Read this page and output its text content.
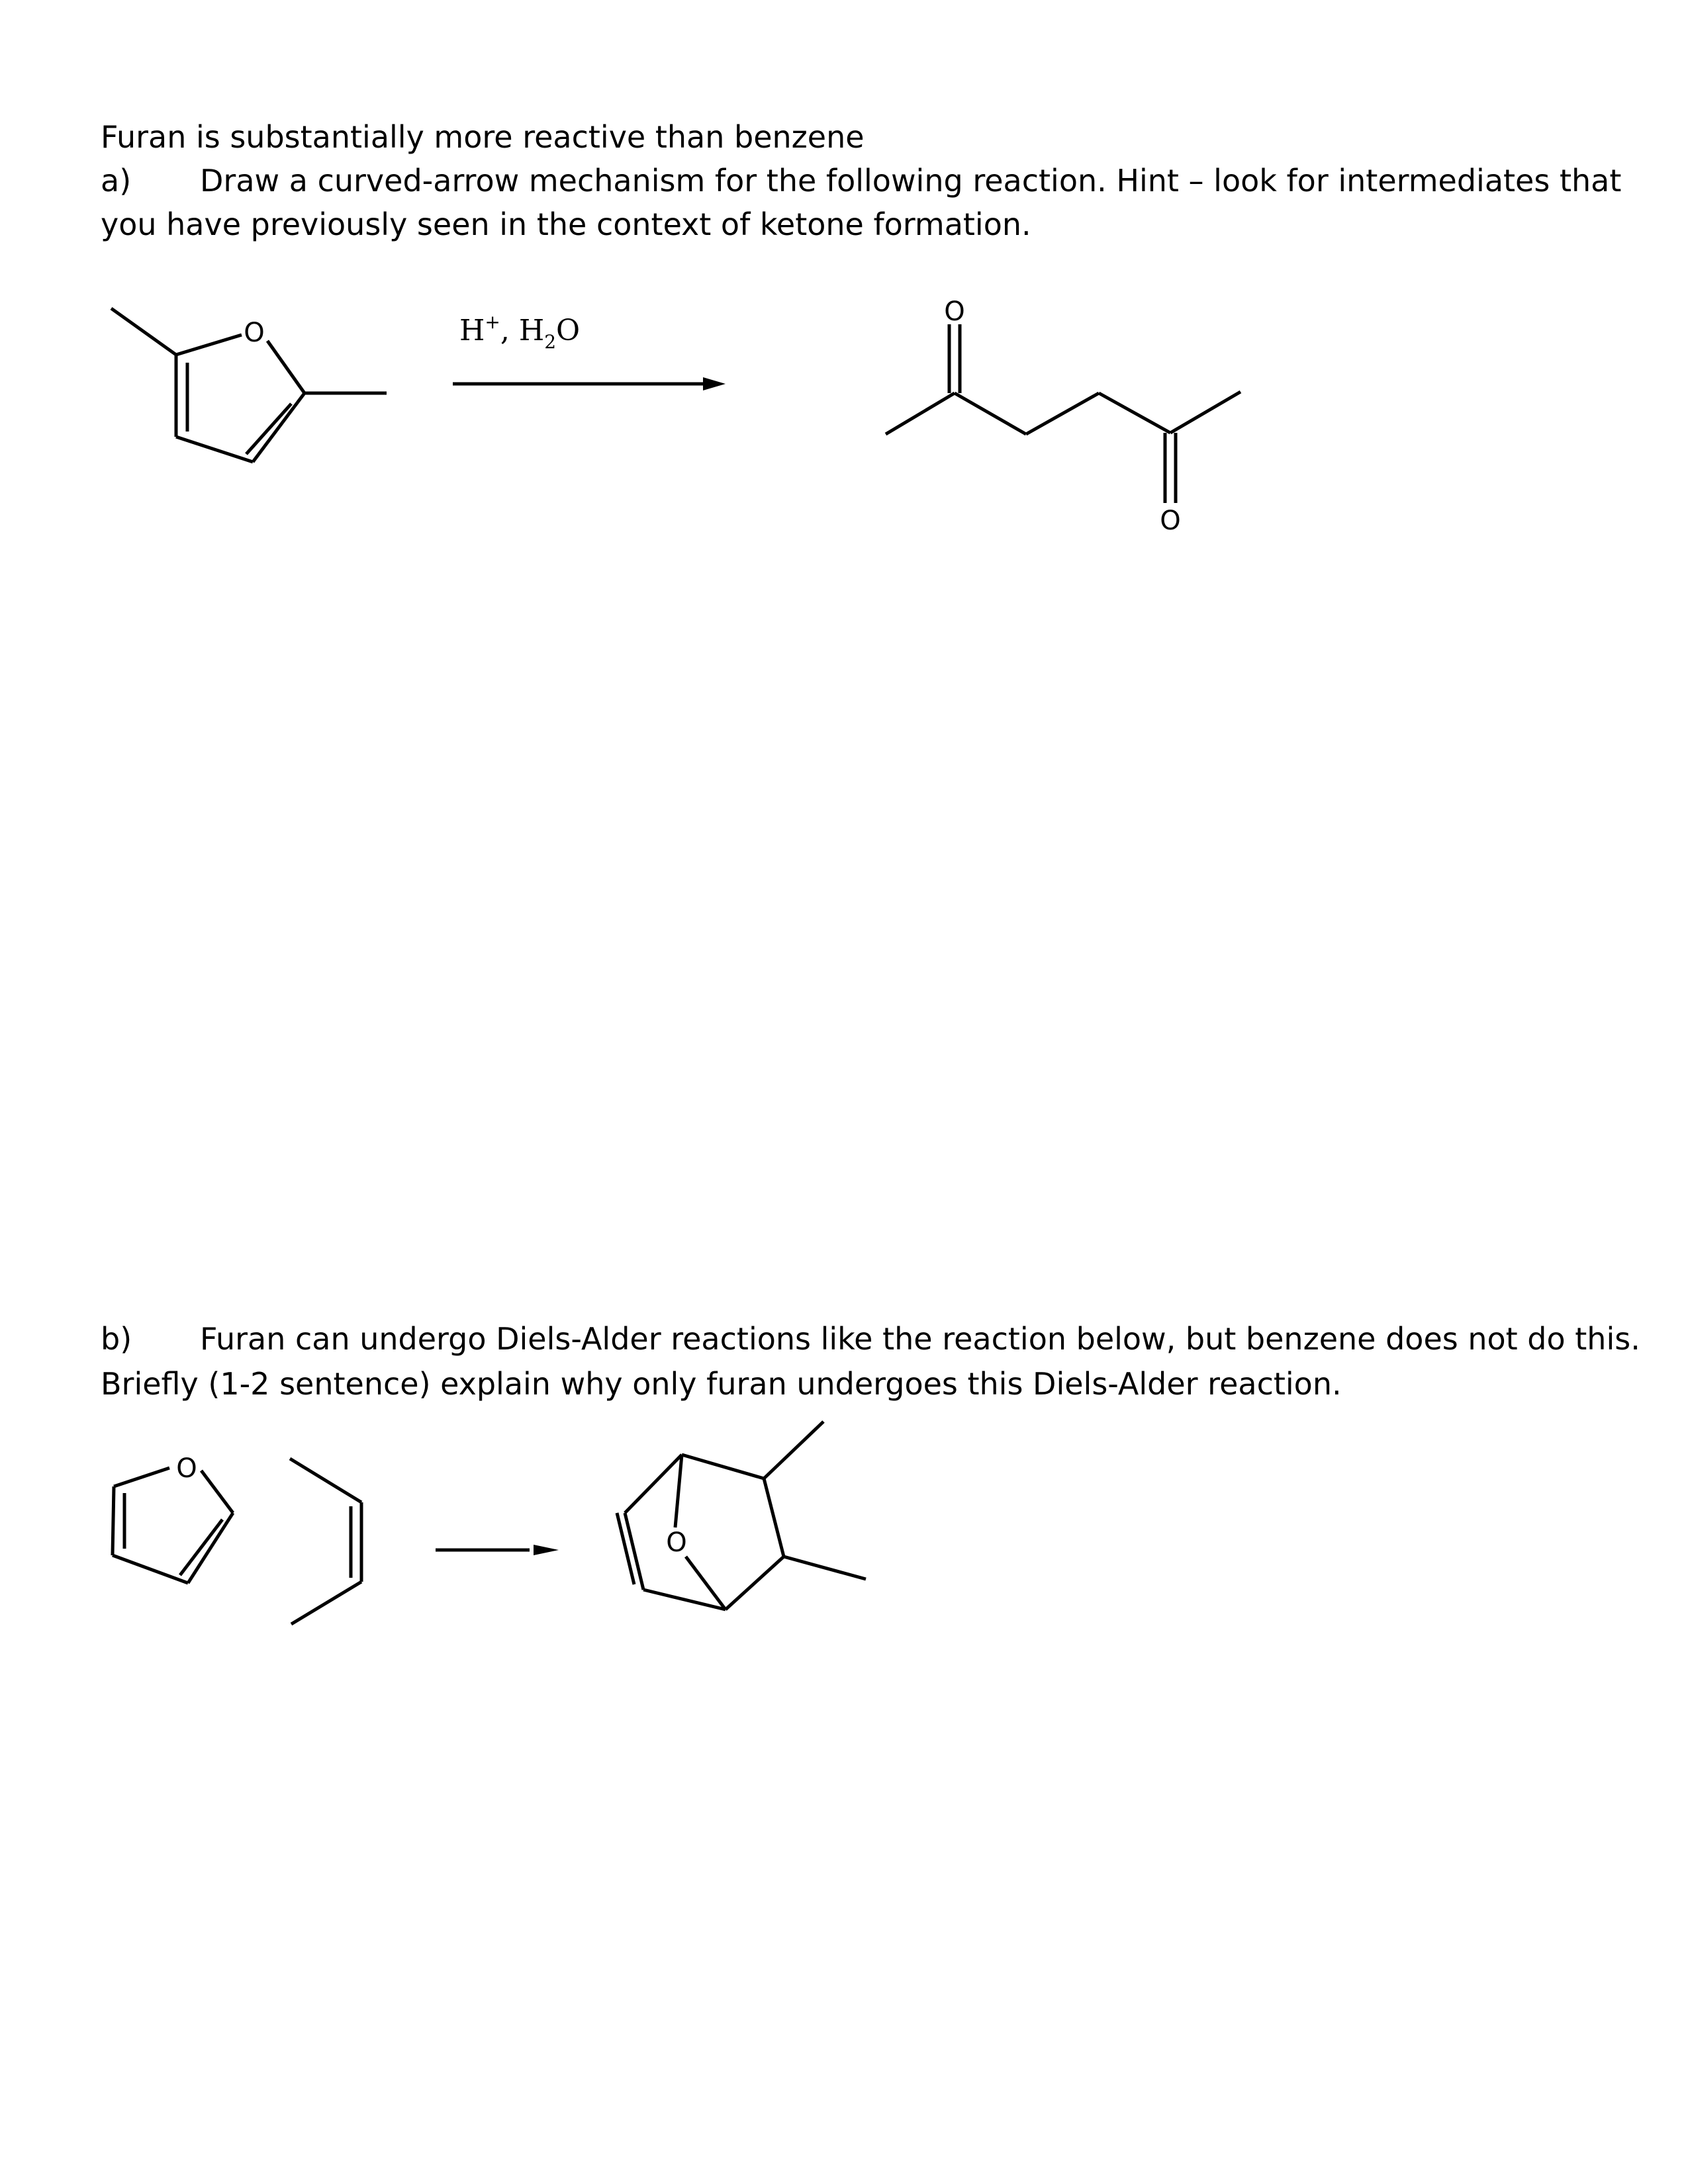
Furan is substantially more reactive than benzene
a) Draw a curved-arrow mechanism for the following reaction. Hint – look for intermediates that
you have previously seen in the context of ketone formation.
b) Furan can undergo Diels-Alder reactions like the reaction below, but benzene does not do this.
Briefly (1-2 sentence) explain why only furan undergoes this Diels-Alder reaction.
O
O
O
O
O
H+, $H_2O$
